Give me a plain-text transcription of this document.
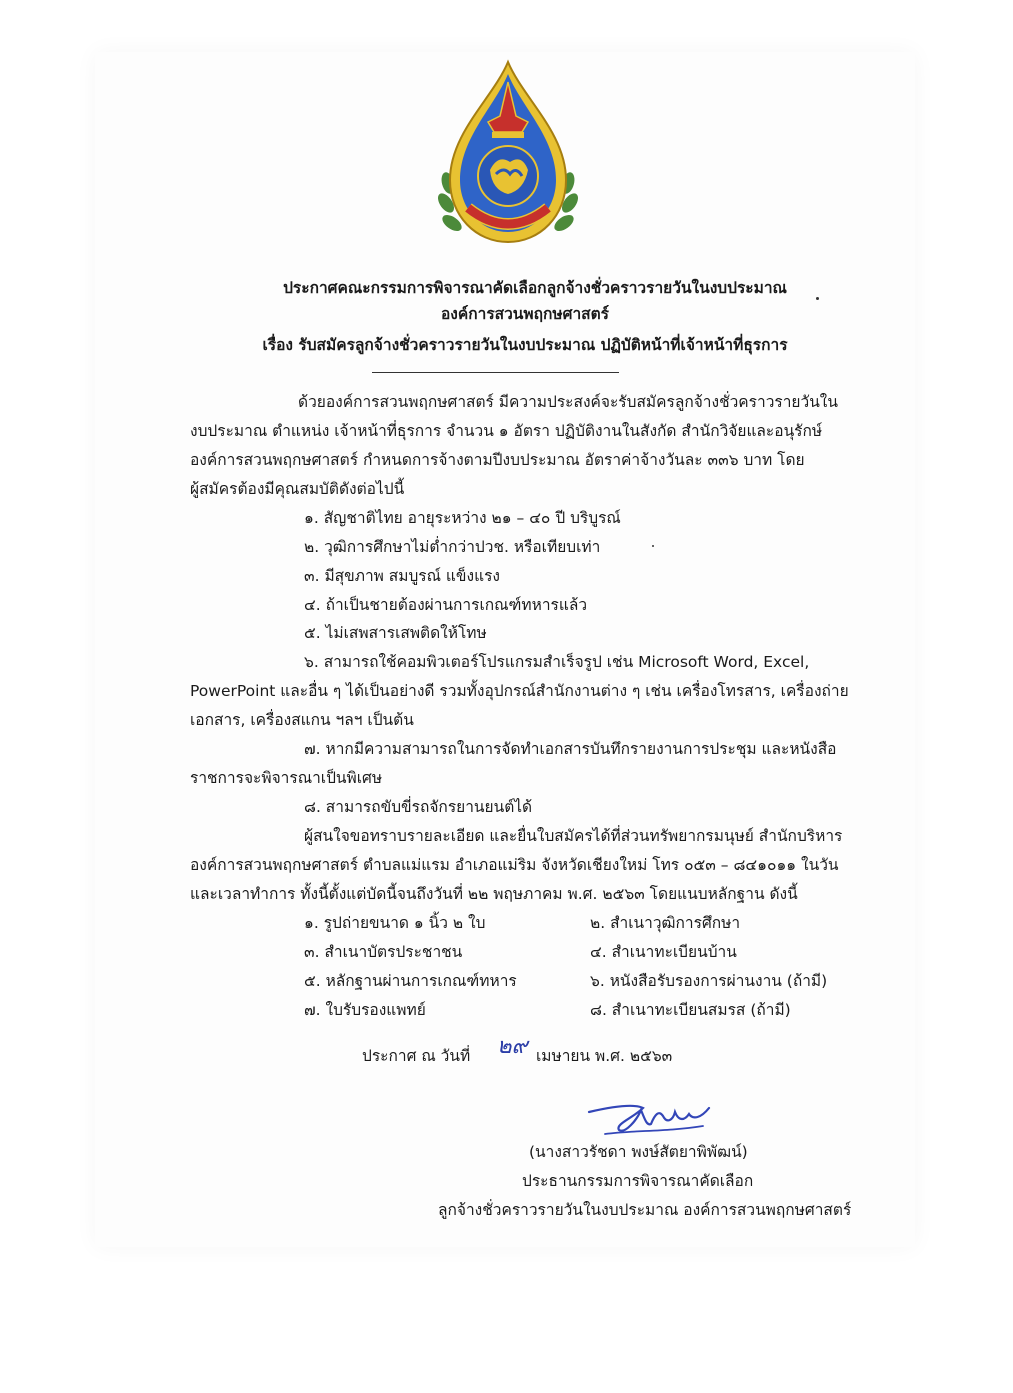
ประกาศคณะกรรมการพิจารณาคัดเลือกลูกจ้างชั่วคราวรายวันในงบประมาณ
องค์การสวนพฤกษศาสตร์
เรื่อง รับสมัครลูกจ้างชั่วคราวรายวันในงบประมาณ ปฏิบัติหน้าที่เจ้าหน้าที่ธุรการ
ด้วยองค์การสวนพฤกษศาสตร์ มีความประสงค์จะรับสมัครลูกจ้างชั่วคราวรายวันใน
งบประมาณ ตำแหน่ง เจ้าหน้าที่ธุรการ จำนวน ๑ อัตรา ปฏิบัติงานในสังกัด สำนักวิจัยและอนุรักษ์
องค์การสวนพฤกษศาสตร์ กำหนดการจ้างตามปีงบประมาณ อัตราค่าจ้างวันละ ๓๓๖ บาท โดย
ผู้สมัครต้องมีคุณสมบัติดังต่อไปนี้
๑. สัญชาติไทย อายุระหว่าง ๒๑ – ๔๐ ปี บริบูรณ์
๒. วุฒิการศึกษาไม่ต่ำกว่าปวช. หรือเทียบเท่า
๓. มีสุขภาพ สมบูรณ์ แข็งแรง
๔. ถ้าเป็นชายต้องผ่านการเกณฑ์ทหารแล้ว
๕. ไม่เสพสารเสพติดให้โทษ
๖. สามารถใช้คอมพิวเตอร์โปรแกรมสำเร็จรูป เช่น Microsoft Word, Excel,
PowerPoint และอื่น ๆ ได้เป็นอย่างดี รวมทั้งอุปกรณ์สำนักงานต่าง ๆ เช่น เครื่องโทรสาร, เครื่องถ่าย
เอกสาร, เครื่องสแกน ฯลฯ เป็นต้น
๗. หากมีความสามารถในการจัดทำเอกสารบันทึกรายงานการประชุม และหนังสือ
ราชการจะพิจารณาเป็นพิเศษ
๘. สามารถขับขี่รถจักรยานยนต์ได้
ผู้สนใจขอทราบรายละเอียด และยื่นใบสมัครได้ที่ส่วนทรัพยากรมนุษย์ สำนักบริหาร
องค์การสวนพฤกษศาสตร์ ตำบลแม่แรม อำเภอแม่ริม จังหวัดเชียงใหม่ โทร ๐๕๓ – ๘๔๑๐๑๑ ในวัน
และเวลาทำการ ทั้งนี้ตั้งแต่บัดนี้จนถึงวันที่ ๒๒ พฤษภาคม พ.ศ. ๒๕๖๓ โดยแนบหลักฐาน ดังนี้
๑. รูปถ่ายขนาด ๑ นิ้ว ๒ ใบ	๒. สำเนาวุฒิการศึกษา
๓. สำเนาบัตรประชาชน	๔. สำเนาทะเบียนบ้าน
๕. หลักฐานผ่านการเกณฑ์ทหาร	๖. หนังสือรับรองการผ่านงาน (ถ้ามี)
๗. ใบรับรองแพทย์	๘. สำเนาทะเบียนสมรส (ถ้ามี)
ประกาศ ณ วันที่ ๒๙ เมษายน พ.ศ. ๒๕๖๓
(นางสาวรัชดา พงษ์สัตยาพิพัฒน์)
ประธานกรรมการพิจารณาคัดเลือก
ลูกจ้างชั่วคราวรายวันในงบประมาณ องค์การสวนพฤกษศาสตร์
